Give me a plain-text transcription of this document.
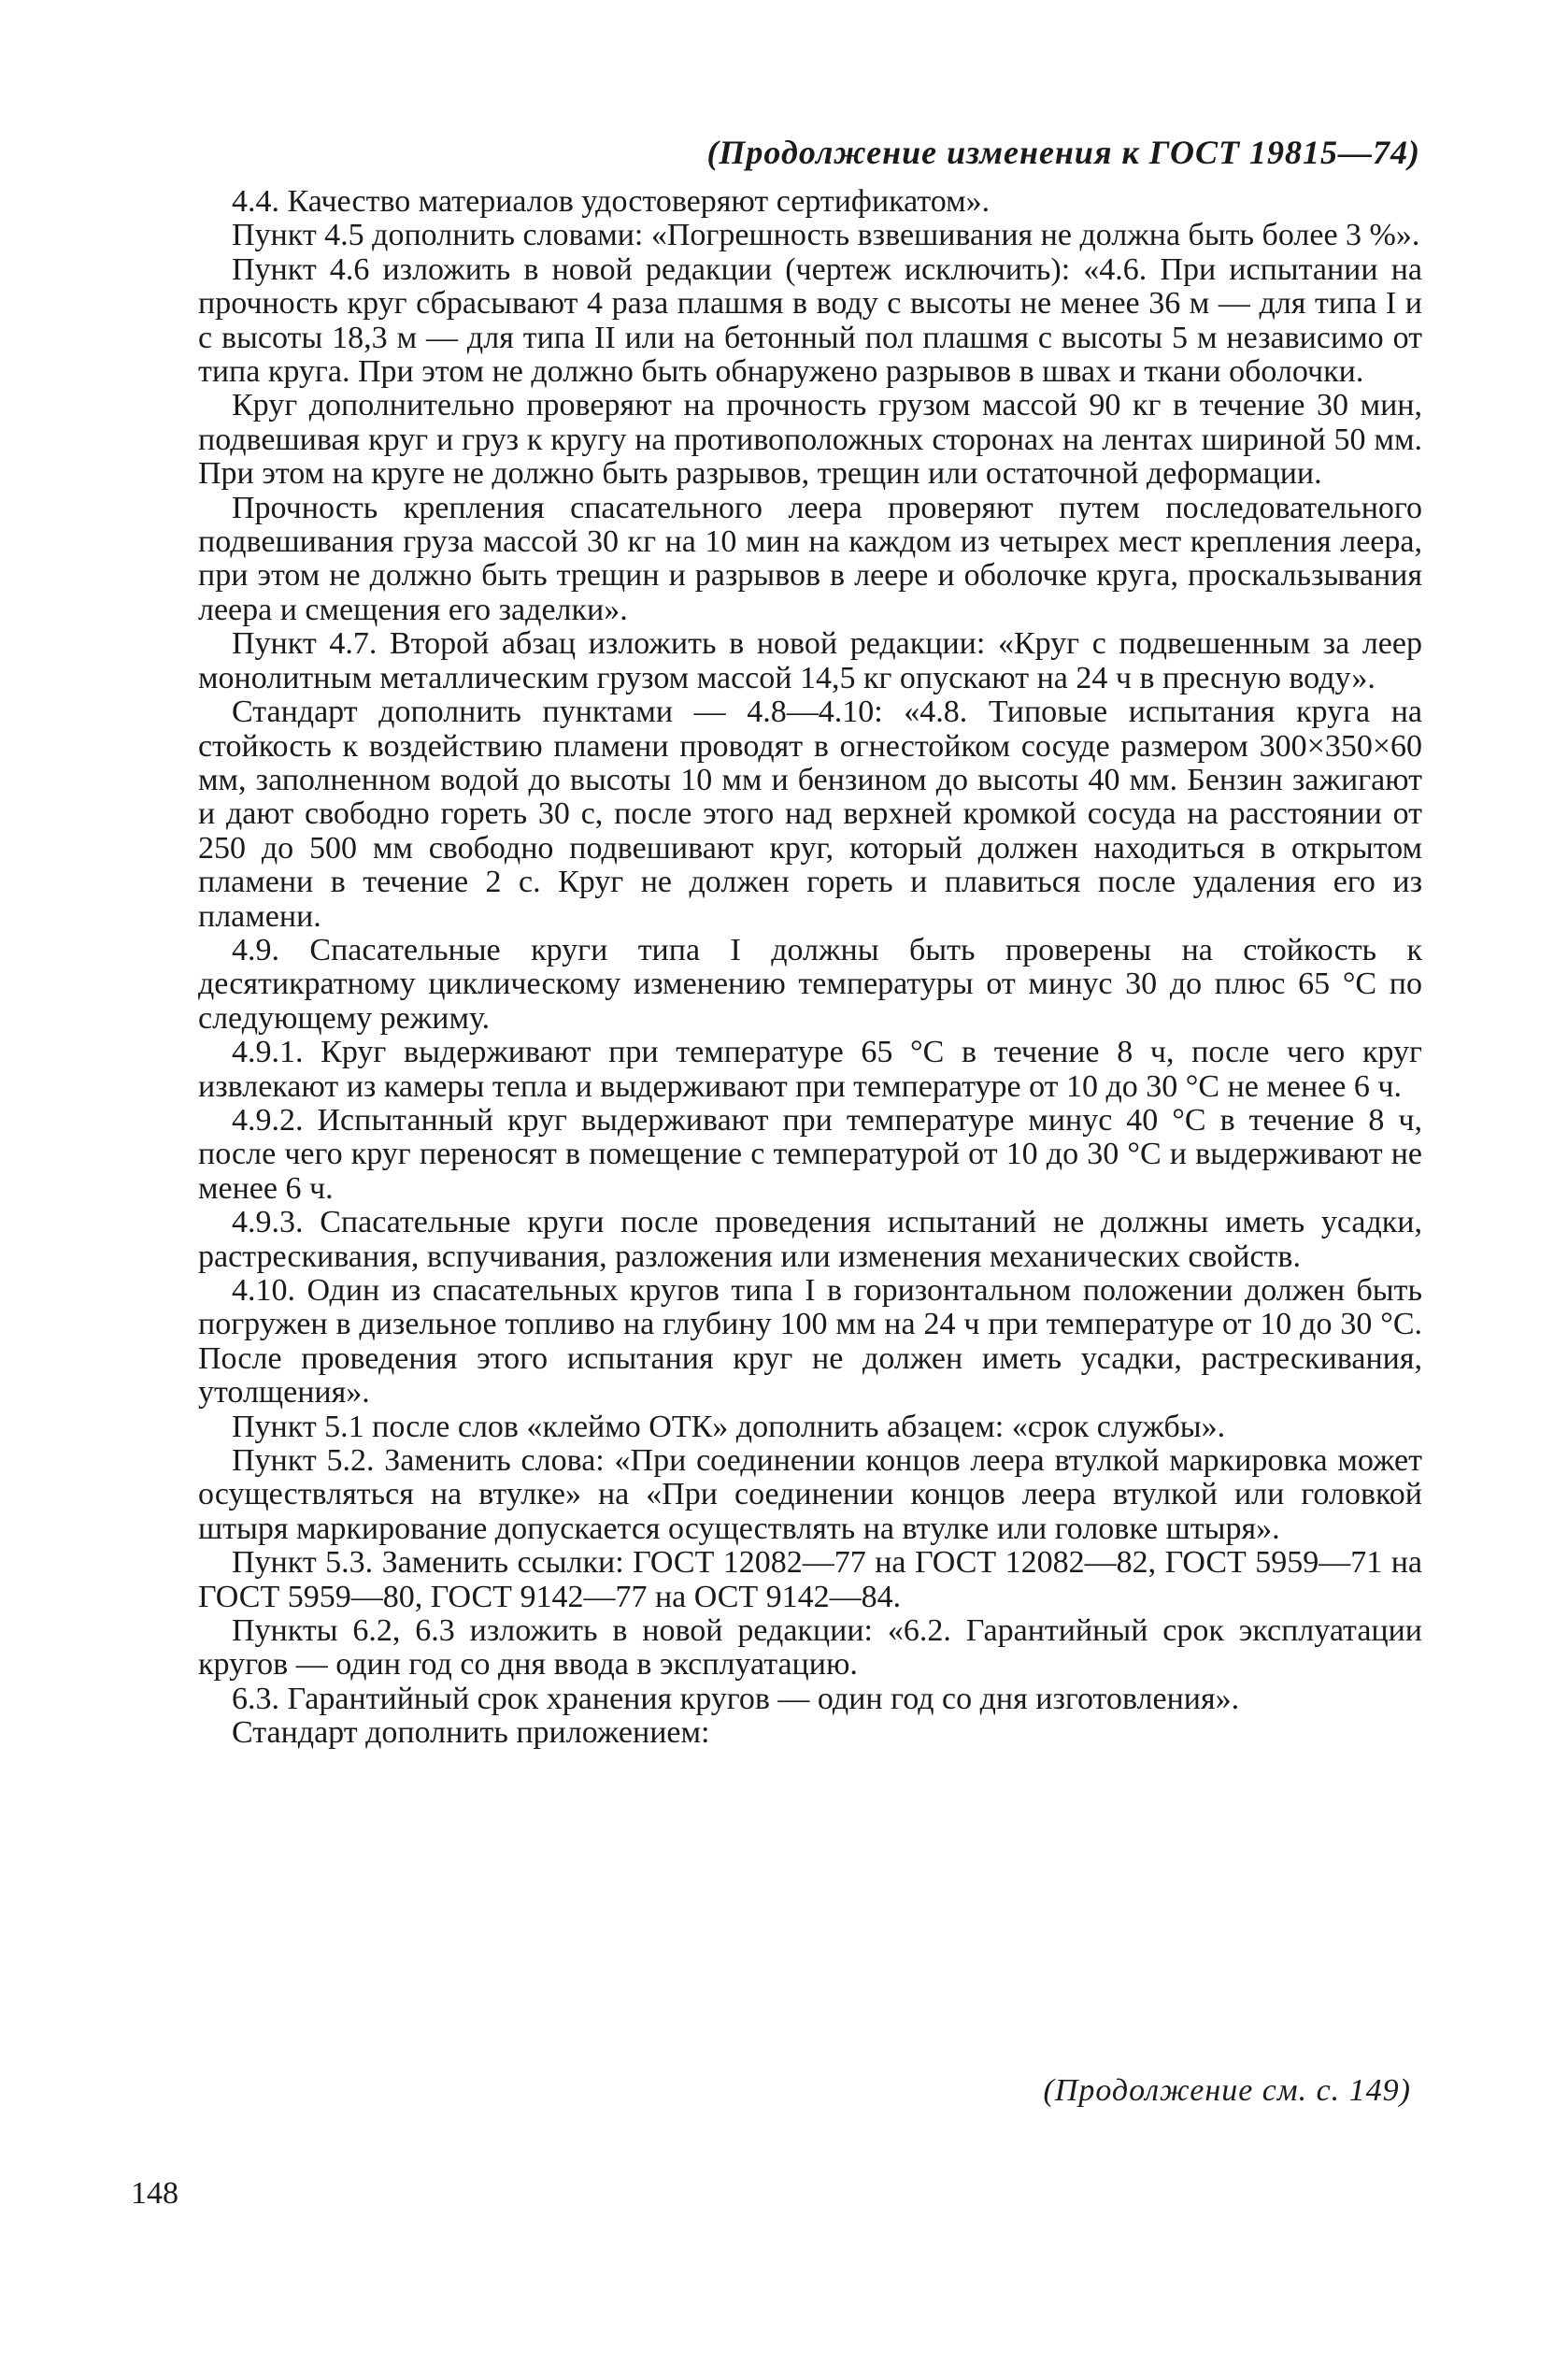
(Продолжение изменения к ГОСТ 19815—74)

4.4. Качество материалов удостоверяют сертификатом».

Пункт 4.5 дополнить словами: «Погрешность взвешивания не должна быть более 3 %».

Пункт 4.6 изложить в новой редакции (чертеж исключить): «4.6. При испытании на прочность круг сбрасывают 4 раза плашмя в воду с высоты не менее 36 м — для типа I и с высоты 18,3 м — для типа II или на бетонный пол плашмя с высоты 5 м независимо от типа круга. При этом не должно быть обнаружено разрывов в швах и ткани оболочки.

Круг дополнительно проверяют на прочность грузом массой 90 кг в течение 30 мин, подвешивая круг и груз к кругу на противоположных сторонах на лентах шириной 50 мм. При этом на круге не должно быть разрывов, трещин или остаточной деформации.

Прочность крепления спасательного леера проверяют путем последовательного подвешивания груза массой 30 кг на 10 мин на каждом из четырех мест крепления леера, при этом не должно быть трещин и разрывов в леере и оболочке круга, проскальзывания леера и смещения его заделки».

Пункт 4.7. Второй абзац изложить в новой редакции: «Круг с подвешенным за леер монолитным металлическим грузом массой 14,5 кг опускают на 24 ч в пресную воду».

Стандарт дополнить пунктами — 4.8—4.10: «4.8. Типовые испытания круга на стойкость к воздействию пламени проводят в огнестойком сосуде размером 300×350×60 мм, заполненном водой до высоты 10 мм и бензином до высоты 40 мм. Бензин зажигают и дают свободно гореть 30 с, после этого над верхней кромкой сосуда на расстоянии от 250 до 500 мм свободно подвешивают круг, который должен находиться в открытом пламени в течение 2 с. Круг не должен гореть и плавиться после удаления его из пламени.

4.9. Спасательные круги типа I должны быть проверены на стойкость к десятикратному циклическому изменению температуры от минус 30 до плюс 65 °С по следующему режиму.

4.9.1. Круг выдерживают при температуре 65 °С в течение 8 ч, после чего круг извлекают из камеры тепла и выдерживают при температуре от 10 до 30 °С не менее 6 ч.

4.9.2. Испытанный круг выдерживают при температуре минус 40 °С в течение 8 ч, после чего круг переносят в помещение с температурой от 10 до 30 °С и выдерживают не менее 6 ч.

4.9.3. Спасательные круги после проведения испытаний не должны иметь усадки, растрескивания, вспучивания, разложения или изменения механических свойств.

4.10. Один из спасательных кругов типа I в горизонтальном положении должен быть погружен в дизельное топливо на глубину 100 мм на 24 ч при температуре от 10 до 30 °С. После проведения этого испытания круг не должен иметь усадки, растрескивания, утолщения».

Пункт 5.1 после слов «клеймо ОТК» дополнить абзацем: «срок службы».

Пункт 5.2. Заменить слова: «При соединении концов леера втулкой маркировка может осуществляться на втулке» на «При соединении концов леера втулкой или головкой штыря маркирование допускается осуществлять на втулке или головке штыря».

Пункт 5.3. Заменить ссылки: ГОСТ 12082—77 на ГОСТ 12082—82, ГОСТ 5959—71 на ГОСТ 5959—80, ГОСТ 9142—77 на ОСТ 9142—84.

Пункты 6.2, 6.3 изложить в новой редакции: «6.2. Гарантийный срок эксплуатации кругов — один год со дня ввода в эксплуатацию.

6.3. Гарантийный срок хранения кругов — один год со дня изготовления».

Стандарт дополнить приложением:

(Продолжение см. с. 149)

148
